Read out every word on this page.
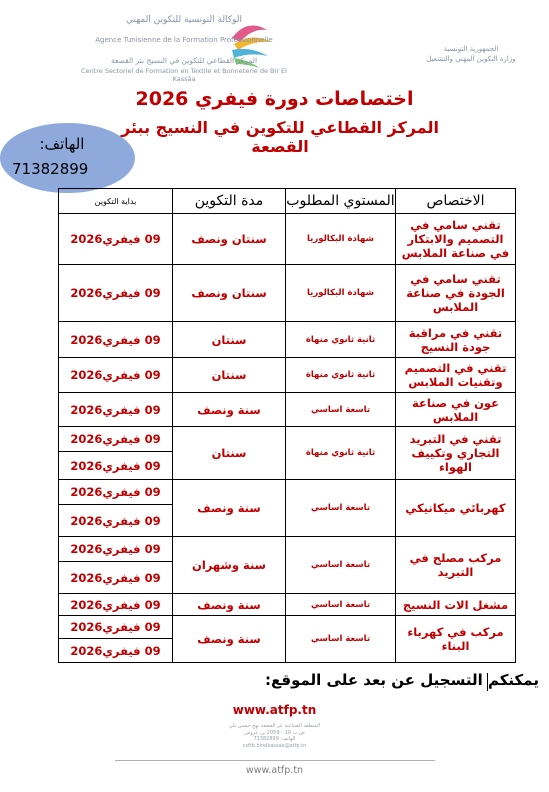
الوكالة التونسية للتكوين المهني
Agence Tunisienne de la Formation Professionnelle
المركز القطاعي للتكوين في النسيج بئر القصعة
Centre Sectoriel de Formation en Textile et Bonneterie de Bir El Kassâa
الجمهورية التونسية
وزارة التكوين المهني والتشغيل
اختصاصات دورة فيفري 2026
المركز القطاعي للتكوين في النسيج ببئر القصعة
الهاتف:
71382899
الاختصاص	المستوي المطلوب	مدة التكوين	بداية التكوين
تقني سامي في التصميم والابتكار في صناعة الملابس	شهادة البكالوريا	سنتان ونصف	09 فيفري2026
تقني سامي في الجودة في صناعة الملابس	شهادة البكالوريا	سنتان ونصف	09 فيفري2026
تقني في مراقبة جودة النسيج	ثانية ثانوي منهاة	سنتان	09 فيفري2026
تقني في التصميم وتقنيات الملابس	ثانية ثانوي منهاة	سنتان	09 فيفري2026
عون في صناعة الملابس	تاسعة اساسي	سنة ونصف	09 فيفري2026
تقني في التبريد التجاري وتكييف الهواء	ثانية ثانوي منهاة	سنتان	09 فيفري2026
			09 فيفري2026
كهربائي ميكانيكي	تاسعة اساسي	سنة ونصف	09 فيفري2026
			09 فيفري2026
مركب مصلح في التبريد	تاسعة اساسي	سنة وشهران	09 فيفري2026
			09 فيفري2026
مشغل الات النسيج	تاسعة اساسي	سنة ونصف	09 فيفري2026
مركب في كهرباء البناء	تاسعة اساسي	سنة ونصف	09 فيفري2026
			09 فيفري2026
يمكنكم التسجيل عن بعد على الموقع:
www.atfp.tn
المنطقة الصناعية بئر القصعة نهج حسين بلي
ص ب 19 - 2059 بن عروس
الهاتف: 71382899
csftb.birelkassaa@atfp.tn
www.atfp.tn
